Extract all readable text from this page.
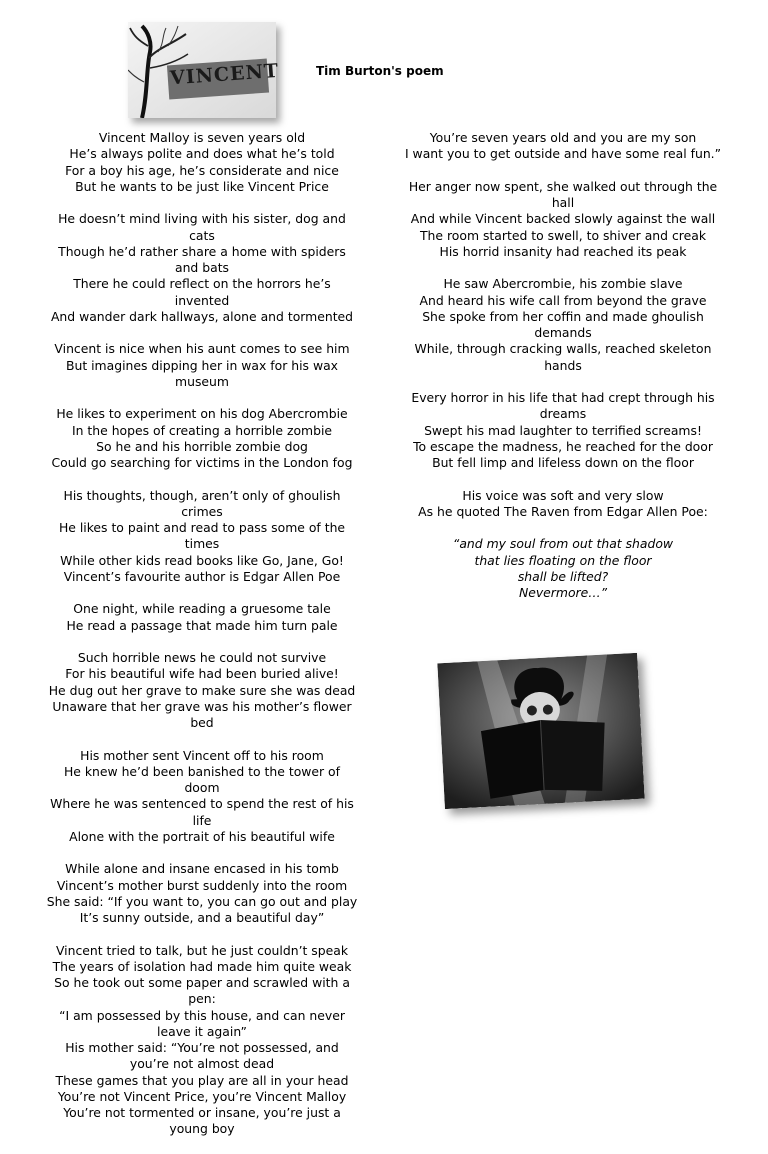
VINCENT	Tim Burton's poem
Vincent Malloy is seven years old
He’s always polite and does what he’s told
For a boy his age, he’s considerate and nice
But he wants to be just like Vincent Price
He doesn’t mind living with his sister, dog and cats
Though he’d rather share a home with spiders and bats
There he could reflect on the horrors he’s invented
And wander dark hallways, alone and tormented
Vincent is nice when his aunt comes to see him
But imagines dipping her in wax for his wax museum
He likes to experiment on his dog Abercrombie
In the hopes of creating a horrible zombie
So he and his horrible zombie dog
Could go searching for victims in the London fog
His thoughts, though, aren’t only of ghoulish crimes
He likes to paint and read to pass some of the times
While other kids read books like Go, Jane, Go!
Vincent’s favourite author is Edgar Allen Poe
One night, while reading a gruesome tale
He read a passage that made him turn pale
Such horrible news he could not survive
For his beautiful wife had been buried alive!
He dug out her grave to make sure she was dead
Unaware that her grave was his mother’s flower bed
His mother sent Vincent off to his room
He knew he’d been banished to the tower of doom
Where he was sentenced to spend the rest of his life
Alone with the portrait of his beautiful wife
While alone and insane encased in his tomb
Vincent’s mother burst suddenly into the room
She said: “If you want to, you can go out and play
It’s sunny outside, and a beautiful day”
Vincent tried to talk, but he just couldn’t speak
The years of isolation had made him quite weak
So he took out some paper and scrawled with a pen:
“I am possessed by this house, and can never leave it again”
His mother said: “You’re not possessed, and you’re not almost dead
These games that you play are all in your head
You’re not Vincent Price, you’re Vincent Malloy
You’re not tormented or insane, you’re just a young boy
You’re seven years old and you are my son
I want you to get outside and have some real fun.”
Her anger now spent, she walked out through the hall
And while Vincent backed slowly against the wall
The room started to swell, to shiver and creak
His horrid insanity had reached its peak
He saw Abercrombie, his zombie slave
And heard his wife call from beyond the grave
She spoke from her coffin and made ghoulish demands
While, through cracking walls, reached skeleton hands
Every horror in his life that had crept through his dreams
Swept his mad laughter to terrified screams!
To escape the madness, he reached for the door
But fell limp and lifeless down on the floor
His voice was soft and very slow
As he quoted The Raven from Edgar Allen Poe:
“and my soul from out that shadow
that lies floating on the floor
shall be lifted?
Nevermore…”
